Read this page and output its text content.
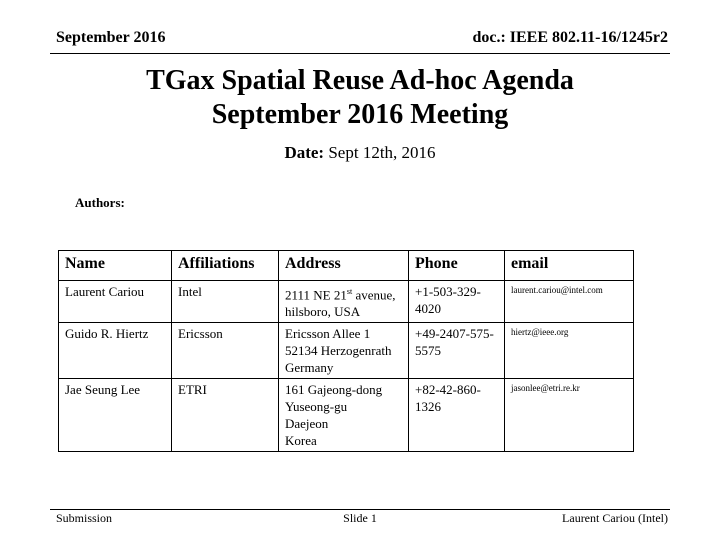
September 2016	doc.: IEEE 802.11-16/1245r2
TGax Spatial Reuse Ad-hoc Agenda
September 2016 Meeting
Date: Sept 12th, 2016
Authors:
Name	Affiliations	Address	Phone	email
Laurent Cariou	Intel	2111 NE 21st avenue, hilsboro, USA	+1-503-329-4020	laurent.cariou@intel.com
Guido R. Hiertz	Ericsson	Ericsson Allee 1
52134 Herzogenrath
Germany	+49-2407-575-5575	hiertz@ieee.org
Jae Seung Lee	ETRI	161 Gajeong-dong
Yuseong-gu
Daejeon
Korea	+82-42-860-1326	jasonlee@etri.re.kr
Submission	Slide 1	Laurent Cariou (Intel)
